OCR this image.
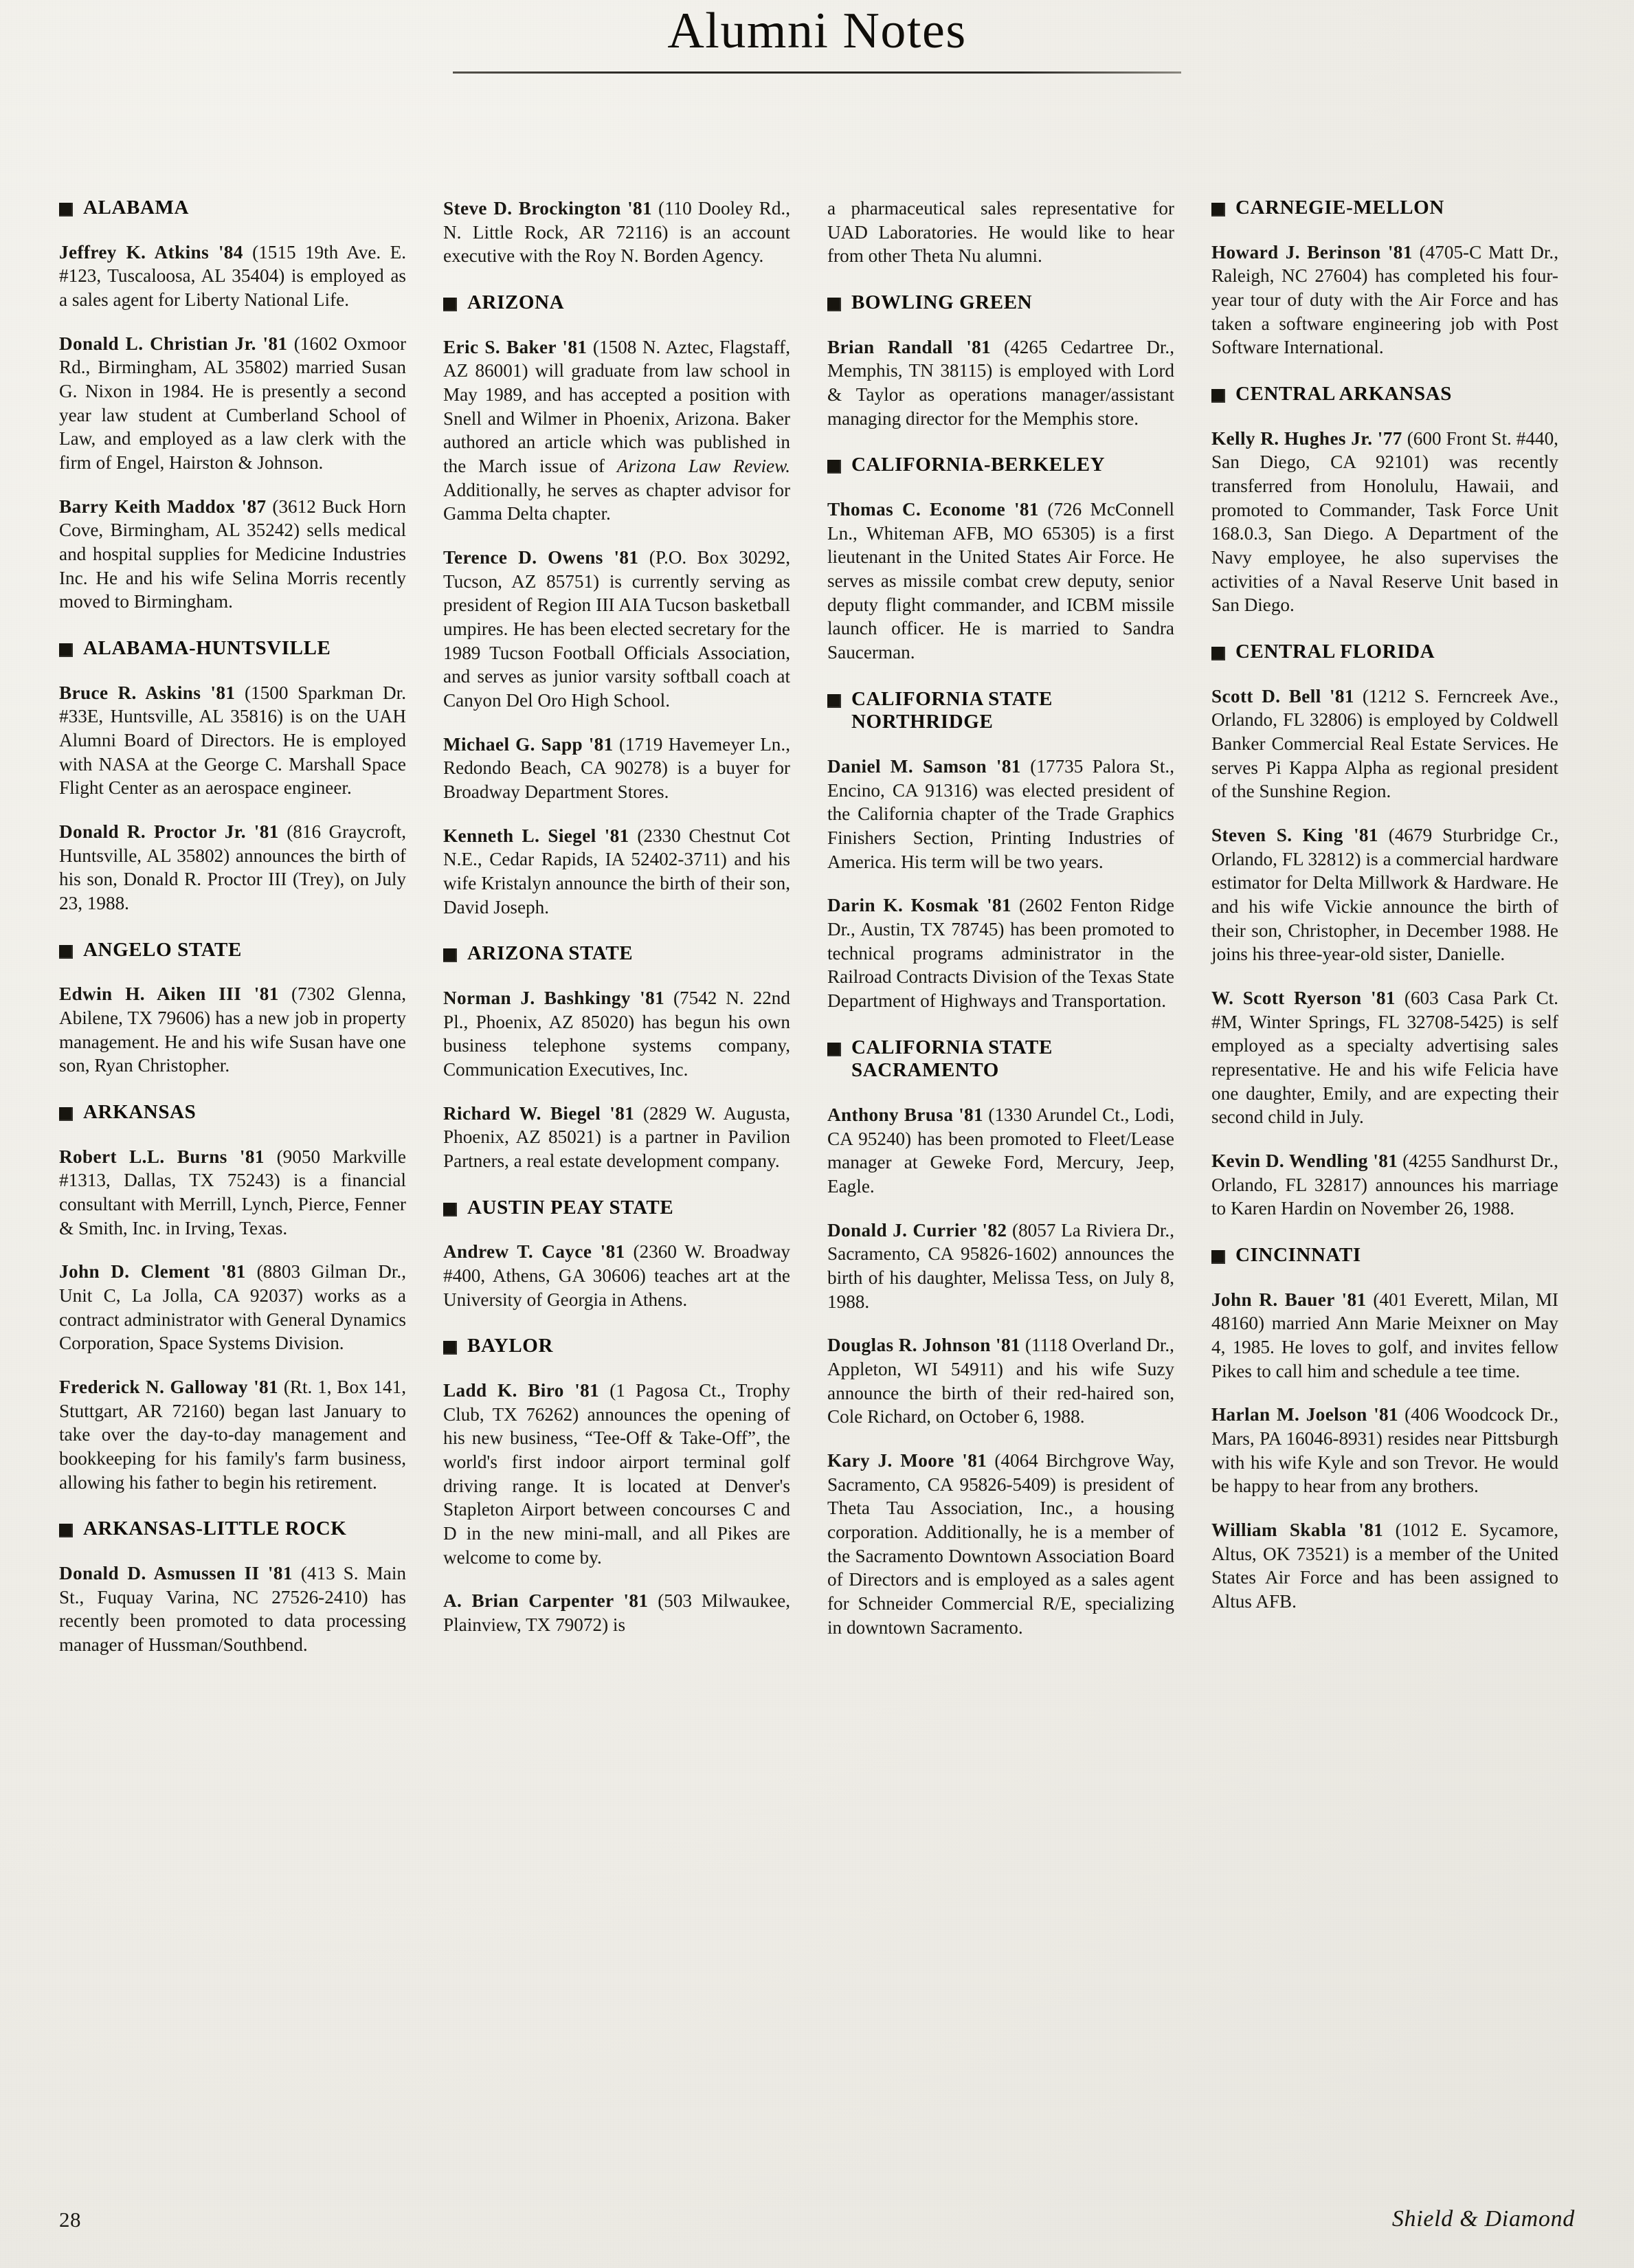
Alumni Notes
ALABAMA

Jeffrey K. Atkins '84 (1515 19th Ave. E. #123, Tuscaloosa, AL 35404) is employed as a sales agent for Liberty National Life.

Donald L. Christian Jr. '81 (1602 Oxmoor Rd., Birmingham, AL 35802) married Susan G. Nixon in 1984. He is presently a second year law student at Cumberland School of Law, and employed as a law clerk with the firm of Engel, Hairston & Johnson.

Barry Keith Maddox '87 (3612 Buck Horn Cove, Birmingham, AL 35242) sells medical and hospital supplies for Medicine Industries Inc. He and his wife Selina Morris recently moved to Birmingham.

ALABAMA-HUNTSVILLE

Bruce R. Askins '81 (1500 Sparkman Dr. #33E, Huntsville, AL 35816) is on the UAH Alumni Board of Directors. He is employed with NASA at the George C. Marshall Space Flight Center as an aerospace engineer.

Donald R. Proctor Jr. '81 (816 Graycroft, Huntsville, AL 35802) announces the birth of his son, Donald R. Proctor III (Trey), on July 23, 1988.

ANGELO STATE

Edwin H. Aiken III '81 (7302 Glenna, Abilene, TX 79606) has a new job in property management. He and his wife Susan have one son, Ryan Christopher.

ARKANSAS

Robert L.L. Burns '81 (9050 Markville #1313, Dallas, TX 75243) is a financial consultant with Merrill, Lynch, Pierce, Fenner & Smith, Inc. in Irving, Texas.

John D. Clement '81 (8803 Gilman Dr., Unit C, La Jolla, CA 92037) works as a contract administrator with General Dynamics Corporation, Space Systems Division.

Frederick N. Galloway '81 (Rt. 1, Box 141, Stuttgart, AR 72160) began last January to take over the day-to-day management and bookkeeping for his family's farm business, allowing his father to begin his retirement.

ARKANSAS-LITTLE ROCK

Donald D. Asmussen II '81 (413 S. Main St., Fuquay Varina, NC 27526-2410) has recently been promoted to data processing manager of Hussman/Southbend.

Steve D. Brockington '81 (110 Dooley Rd., N. Little Rock, AR 72116) is an account executive with the Roy N. Borden Agency.

ARIZONA

Eric S. Baker '81 (1508 N. Aztec, Flagstaff, AZ 86001) will graduate from law school in May 1989, and has accepted a position with Snell and Wilmer in Phoenix, Arizona. Baker authored an article which was published in the March issue of Arizona Law Review. Additionally, he serves as chapter advisor for Gamma Delta chapter.

Terence D. Owens '81 (P.O. Box 30292, Tucson, AZ 85751) is currently serving as president of Region III AIA Tucson basketball umpires. He has been elected secretary for the 1989 Tucson Football Officials Association, and serves as junior varsity softball coach at Canyon Del Oro High School.

Michael G. Sapp '81 (1719 Havemeyer Ln., Redondo Beach, CA 90278) is a buyer for Broadway Department Stores.

Kenneth L. Siegel '81 (2330 Chestnut Cot N.E., Cedar Rapids, IA 52402-3711) and his wife Kristalyn announce the birth of their son, David Joseph.

ARIZONA STATE

Norman J. Bashkingy '81 (7542 N. 22nd Pl., Phoenix, AZ 85020) has begun his own business telephone systems company, Communication Executives, Inc.

Richard W. Biegel '81 (2829 W. Augusta, Phoenix, AZ 85021) is a partner in Pavilion Partners, a real estate development company.

AUSTIN PEAY STATE

Andrew T. Cayce '81 (2360 W. Broadway #400, Athens, GA 30606) teaches art at the University of Georgia in Athens.

BAYLOR

Ladd K. Biro '81 (1 Pagosa Ct., Trophy Club, TX 76262) announces the opening of his new business, “Tee-Off & Take-Off”, the world's first indoor airport terminal golf driving range. It is located at Denver's Stapleton Airport between concourses C and D in the new mini-mall, and all Pikes are welcome to come by.

A. Brian Carpenter '81 (503 Milwaukee, Plainview, TX 79072) is

a pharmaceutical sales representative for UAD Laboratories. He would like to hear from other Theta Nu alumni.

BOWLING GREEN

Brian Randall '81 (4265 Cedartree Dr., Memphis, TN 38115) is employed with Lord & Taylor as operations manager/assistant managing director for the Memphis store.

CALIFORNIA-BERKELEY

Thomas C. Econome '81 (726 McConnell Ln., Whiteman AFB, MO 65305) is a first lieutenant in the United States Air Force. He serves as missile combat crew deputy, senior deputy flight commander, and ICBM missile launch officer. He is married to Sandra Saucerman.

CALIFORNIA STATE NORTHRIDGE

Daniel M. Samson '81 (17735 Palora St., Encino, CA 91316) was elected president of the California chapter of the Trade Graphics Finishers Section, Printing Industries of America. His term will be two years.

Darin K. Kosmak '81 (2602 Fenton Ridge Dr., Austin, TX 78745) has been promoted to technical programs administrator in the Railroad Contracts Division of the Texas State Department of Highways and Transportation.

CALIFORNIA STATE SACRAMENTO

Anthony Brusa '81 (1330 Arundel Ct., Lodi, CA 95240) has been promoted to Fleet/Lease manager at Geweke Ford, Mercury, Jeep, Eagle.

Donald J. Currier '82 (8057 La Riviera Dr., Sacramento, CA 95826-1602) announces the birth of his daughter, Melissa Tess, on July 8, 1988.

Douglas R. Johnson '81 (1118 Overland Dr., Appleton, WI 54911) and his wife Suzy announce the birth of their red-haired son, Cole Richard, on October 6, 1988.

Kary J. Moore '81 (4064 Birchgrove Way, Sacramento, CA 95826-5409) is president of Theta Tau Association, Inc., a housing corporation. Additionally, he is a member of the Sacramento Downtown Association Board of Directors and is employed as a sales agent for Schneider Commercial R/E, specializing in downtown Sacramento.

CARNEGIE-MELLON

Howard J. Berinson '81 (4705-C Matt Dr., Raleigh, NC 27604) has completed his four-year tour of duty with the Air Force and has taken a software engineering job with Post Software International.

CENTRAL ARKANSAS

Kelly R. Hughes Jr. '77 (600 Front St. #440, San Diego, CA 92101) was recently transferred from Honolulu, Hawaii, and promoted to Commander, Task Force Unit 168.0.3, San Diego. A Department of the Navy employee, he also supervises the activities of a Naval Reserve Unit based in San Diego.

CENTRAL FLORIDA

Scott D. Bell '81 (1212 S. Ferncreek Ave., Orlando, FL 32806) is employed by Coldwell Banker Commercial Real Estate Services. He serves Pi Kappa Alpha as regional president of the Sunshine Region.

Steven S. King '81 (4679 Sturbridge Cr., Orlando, FL 32812) is a commercial hardware estimator for Delta Millwork & Hardware. He and his wife Vickie announce the birth of their son, Christopher, in December 1988. He joins his three-year-old sister, Danielle.

W. Scott Ryerson '81 (603 Casa Park Ct. #M, Winter Springs, FL 32708-5425) is self employed as a specialty advertising sales representative. He and his wife Felicia have one daughter, Emily, and are expecting their second child in July.

Kevin D. Wendling '81 (4255 Sandhurst Dr., Orlando, FL 32817) announces his marriage to Karen Hardin on November 26, 1988.

CINCINNATI

John R. Bauer '81 (401 Everett, Milan, MI 48160) married Ann Marie Meixner on May 4, 1985. He loves to golf, and invites fellow Pikes to call him and schedule a tee time.

Harlan M. Joelson '81 (406 Woodcock Dr., Mars, PA 16046-8931) resides near Pittsburgh with his wife Kyle and son Trevor. He would be happy to hear from any brothers.

William Skabla '81 (1012 E. Sycamore, Altus, OK 73521) is a member of the United States Air Force and has been assigned to Altus AFB.

28	Shield & Diamond
